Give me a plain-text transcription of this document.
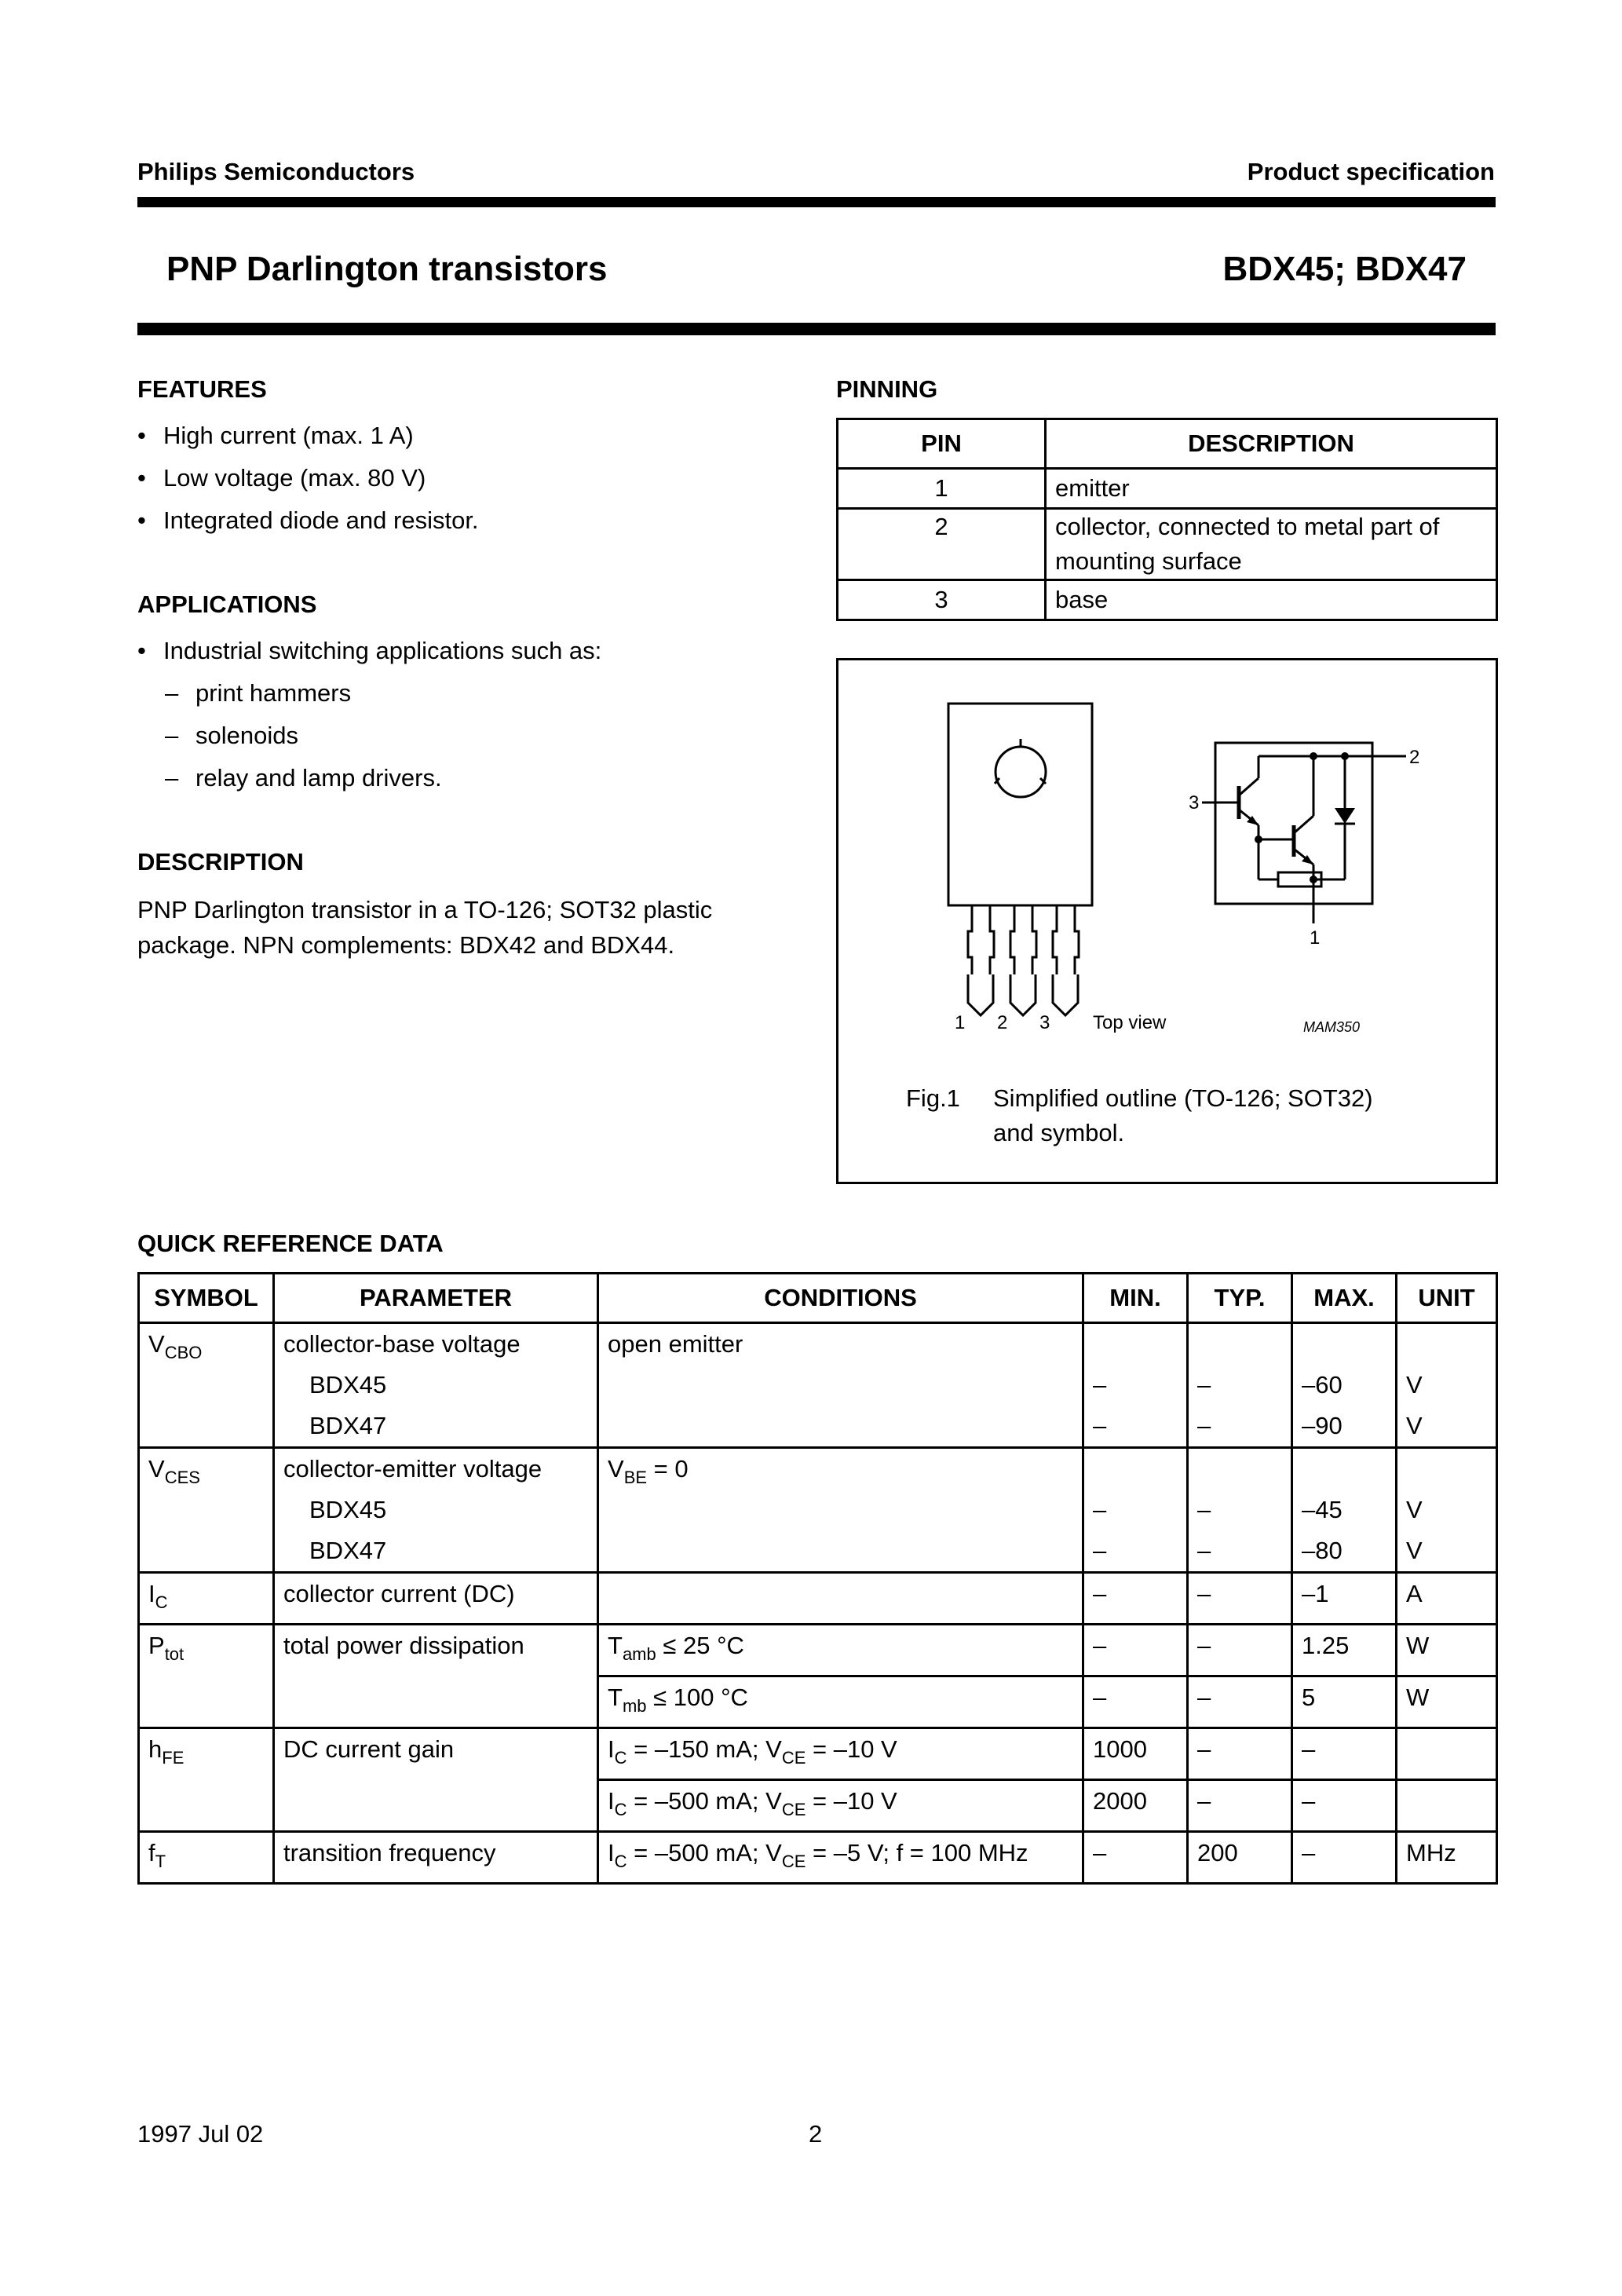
Philips Semiconductors	Product specification
PNP Darlington transistors	BDX45; BDX47
FEATURES
• High current (max. 1 A)
• Low voltage (max. 80 V)
• Integrated diode and resistor.
APPLICATIONS
• Industrial switching applications such as:
– print hammers
– solenoids
– relay and lamp drivers.
DESCRIPTION
PNP Darlington transistor in a TO-126; SOT32 plastic package. NPN complements: BDX42 and BDX44.
PINNING
PIN	DESCRIPTION
1	emitter
2	collector, connected to metal part of mounting surface
3	base
1 2 3
2
3
1
Top view	MAM350
Fig.1 Simplified outline (TO-126; SOT32)
and symbol.
QUICK REFERENCE DATA
SYMBOL	PARAMETER	CONDITIONS	MIN.	TYP.	MAX.	UNIT
$V_{CBO}$	collector-base voltage	open emitter				
	BDX45		–	–	–60	V
	BDX47		–	–	–90	V
$V_{CES}$	collector-emitter voltage	$V_{BE} = 0$				
	BDX45		–	–	–45	V
	BDX47		–	–	–80	V
$I_C$	collector current (DC)		–	–	–1	A
$P_{tot}$	total power dissipation	$T_{amb} \le 25$ °C	–	–	1.25	W
		$T_{mb} \le 100$ °C	–	–	5	W
$h_{FE}$	DC current gain	$I_C = -150$ mA; $V_{CE} = -10$ V	1000	–	–	
		$I_C = -500$ mA; $V_{CE} = -10$ V	2000	–	–	
$f_T$	transition frequency	$I_C = -500$ mA; $V_{CE} = -5$ V; f = 100 MHz	–	200	–	MHz
1997 Jul 02	2
